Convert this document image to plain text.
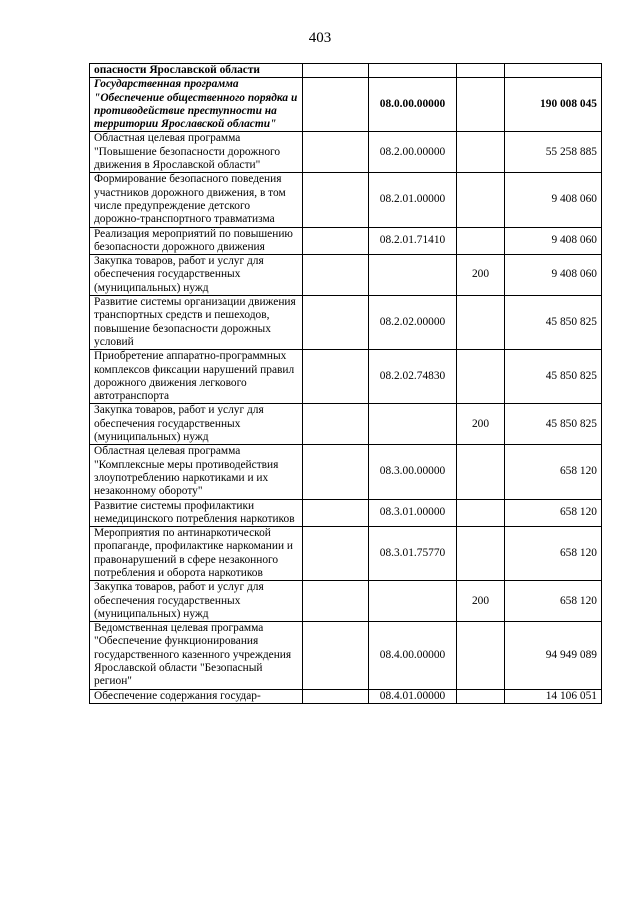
403
опасности Ярославской области				
Государственная программа "Обеспечение общественного порядка и противодействие преступности на территории Ярославской области"		08.0.00.00000		190 008 045
Областная целевая программа "Повышение безопасности дорожного движения в Ярославской области"		08.2.00.00000		55 258 885
Формирование безопасного поведения участников дорожного движения, в том числе предупреждение детского дорожно-транспортного травматизма		08.2.01.00000		9 408 060
Реализация мероприятий по повышению безопасности дорожного движения		08.2.01.71410		9 408 060
Закупка товаров, работ и услуг для обеспечения государственных (муниципальных) нужд			200	9 408 060
Развитие системы организации движения транспортных средств и пешеходов, повышение безопасности дорожных условий		08.2.02.00000		45 850 825
Приобретение аппаратно-программных комплексов фиксации нарушений правил дорожного движения легкового автотранспорта		08.2.02.74830		45 850 825
Закупка товаров, работ и услуг для обеспечения государственных (муниципальных) нужд			200	45 850 825
Областная целевая программа "Комплексные меры противодействия злоупотреблению наркотиками и их незаконному обороту"		08.3.00.00000		658 120
Развитие системы профилактики немедицинского потребления наркотиков		08.3.01.00000		658 120
Мероприятия по антинаркотической пропаганде, профилактике наркомании и правонарушений в сфере незаконного потребления и оборота наркотиков		08.3.01.75770		658 120
Закупка товаров, работ и услуг для обеспечения государственных (муниципальных) нужд			200	658 120
Ведомственная целевая программа "Обеспечение функционирования государственного казенного учреждения Ярославской области "Безопасный регион"		08.4.00.00000		94 949 089
Обеспечение содержания государ-		08.4.01.00000		14 106 051
